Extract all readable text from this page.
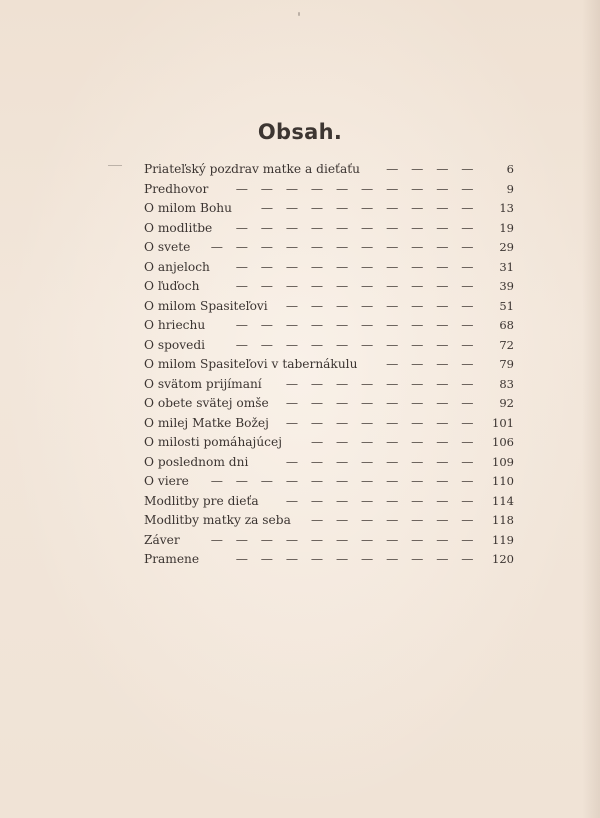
Obsah.
Priateľský pozdrav matke a dieťaťu	— — — —	6
Predhovor	— — — — — — — — — —	9
O milom Bohu	— — — — — — — — —	13
O modlitbe	— — — — — — — — — —	19
O svete	— — — — — — — — — — —	29
O anjeloch	— — — — — — — — — —	31
O ľuďoch	— — — — — — — — — —	39
O milom Spasiteľovi	— — — — — — — —	51
O hriechu	— — — — — — — — — —	68
O spovedi	— — — — — — — — — —	72
O milom Spasiteľovi v tabernákulu	— — — —	79
O svätom prijímaní	— — — — — — — —	83
O obete svätej omše	— — — — — — — —	92
O milej Matke Božej	— — — — — — — —	101
O milosti pomáhajúcej	— — — — — — —	106
O poslednom dni	— — — — — — — —	109
O viere	— — — — — — — — — — —	110
Modlitby pre dieťa	— — — — — — — —	114
Modlitby matky za seba	— — — — — — —	118
Záver	— — — — — — — — — — —	119
Pramene	— — — — — — — — — —	120
